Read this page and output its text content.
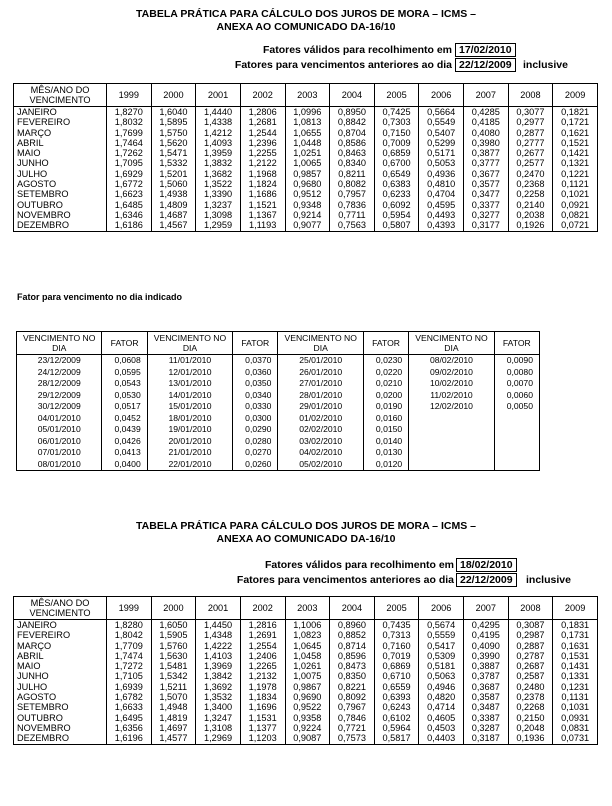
TABELA PRÁTICA PARA CÁLCULO DOS JUROS DE MORA – ICMS –
ANEXA AO COMUNICADO DA-16/10
Fatores válidos para recolhimento em 17/02/2010
Fatores para vencimentos anteriores ao dia 22/12/2009	inclusive
MÊS/ANO DO VENCIMENTO	1999	2000	2001	2002	2003	2004	2005	2006	2007	2008	2009
JANEIRO	1,8270	1,6040	1,4440	1,2806	1,0996	0,8950	0,7425	0,5664	0,4285	0,3077	0,1821
FEVEREIRO	1,8032	1,5895	1,4338	1,2681	1,0813	0,8842	0,7303	0,5549	0,4185	0,2977	0,1721
MARÇO	1,7699	1,5750	1,4212	1,2544	1,0655	0,8704	0,7150	0,5407	0,4080	0,2877	0,1621
ABRIL	1,7464	1,5620	1,4093	1,2396	1,0448	0,8586	0,7009	0,5299	0,3980	0,2777	0,1521
MAIO	1,7262	1,5471	1,3959	1,2255	1,0251	0,8463	0,6859	0,5171	0,3877	0,2677	0,1421
JUNHO	1,7095	1,5332	1,3832	1,2122	1,0065	0,8340	0,6700	0,5053	0,3777	0,2577	0,1321
JULHO	1,6929	1,5201	1,3682	1,1968	0,9857	0,8211	0,6549	0,4936	0,3677	0,2470	0,1221
AGOSTO	1,6772	1,5060	1,3522	1,1824	0,9680	0,8082	0,6383	0,4810	0,3577	0,2368	0,1121
SETEMBRO	1,6623	1,4938	1,3390	1,1686	0,9512	0,7957	0,6233	0,4704	0,3477	0,2258	0,1021
OUTUBRO	1,6485	1,4809	1,3237	1,1521	0,9348	0,7836	0,6092	0,4595	0,3377	0,2140	0,0921
NOVEMBRO	1,6346	1,4687	1,3098	1,1367	0,9214	0,7711	0,5954	0,4493	0,3277	0,2038	0,0821
DEZEMBRO	1,6186	1,4567	1,2959	1,1193	0,9077	0,7563	0,5807	0,4393	0,3177	0,1926	0,0721
Fator para vencimento no dia indicado
VENCIMENTO NO DIA	FATOR	VENCIMENTO NO DIA	FATOR	VENCIMENTO NO DIA	FATOR	VENCIMENTO NO DIA	FATOR
23/12/2009	0,0608	11/01/2010	0,0370	25/01/2010	0,0230	08/02/2010	0,0090
24/12/2009	0,0595	12/01/2010	0,0360	26/01/2010	0,0220	09/02/2010	0,0080
28/12/2009	0,0543	13/01/2010	0,0350	27/01/2010	0,0210	10/02/2010	0,0070
29/12/2009	0,0530	14/01/2010	0,0340	28/01/2010	0,0200	11/02/2010	0,0060
30/12/2009	0,0517	15/01/2010	0,0330	29/01/2010	0,0190	12/02/2010	0,0050
04/01/2010	0,0452	18/01/2010	0,0300	01/02/2010	0,0160		
05/01/2010	0,0439	19/01/2010	0,0290	02/02/2010	0,0150		
06/01/2010	0,0426	20/01/2010	0,0280	03/02/2010	0,0140		
07/01/2010	0,0413	21/01/2010	0,0270	04/02/2010	0,0130		
08/01/2010	0,0400	22/01/2010	0,0260	05/02/2010	0,0120		
TABELA PRÁTICA PARA CÁLCULO DOS JUROS DE MORA – ICMS –
ANEXA AO COMUNICADO DA-16/10
Fatores válidos para recolhimento em 18/02/2010
Fatores para vencimentos anteriores ao dia 22/12/2009	inclusive
MÊS/ANO DO VENCIMENTO	1999	2000	2001	2002	2003	2004	2005	2006	2007	2008	2009
JANEIRO	1,8280	1,6050	1,4450	1,2816	1,1006	0,8960	0,7435	0,5674	0,4295	0,3087	0,1831
FEVEREIRO	1,8042	1,5905	1,4348	1,2691	1,0823	0,8852	0,7313	0,5559	0,4195	0,2987	0,1731
MARÇO	1,7709	1,5760	1,4222	1,2554	1,0645	0,8714	0,7160	0,5417	0,4090	0,2887	0,1631
ABRIL	1,7474	1,5630	1,4103	1,2406	1,0458	0,8596	0,7019	0,5309	0,3990	0,2787	0,1531
MAIO	1,7272	1,5481	1,3969	1,2265	1,0261	0,8473	0,6869	0,5181	0,3887	0,2687	0,1431
JUNHO	1,7105	1,5342	1,3842	1,2132	1,0075	0,8350	0,6710	0,5063	0,3787	0,2587	0,1331
JULHO	1,6939	1,5211	1,3692	1,1978	0,9867	0,8221	0,6559	0,4946	0,3687	0,2480	0,1231
AGOSTO	1,6782	1,5070	1,3532	1,1834	0,9690	0,8092	0,6393	0,4820	0,3587	0,2378	0,1131
SETEMBRO	1,6633	1,4948	1,3400	1,1696	0,9522	0,7967	0,6243	0,4714	0,3487	0,2268	0,1031
OUTUBRO	1,6495	1,4819	1,3247	1,1531	0,9358	0,7846	0,6102	0,4605	0,3387	0,2150	0,0931
NOVEMBRO	1,6356	1,4697	1,3108	1,1377	0,9224	0,7721	0,5964	0,4503	0,3287	0,2048	0,0831
DEZEMBRO	1,6196	1,4577	1,2969	1,1203	0,9087	0,7573	0,5817	0,4403	0,3187	0,1936	0,0731
